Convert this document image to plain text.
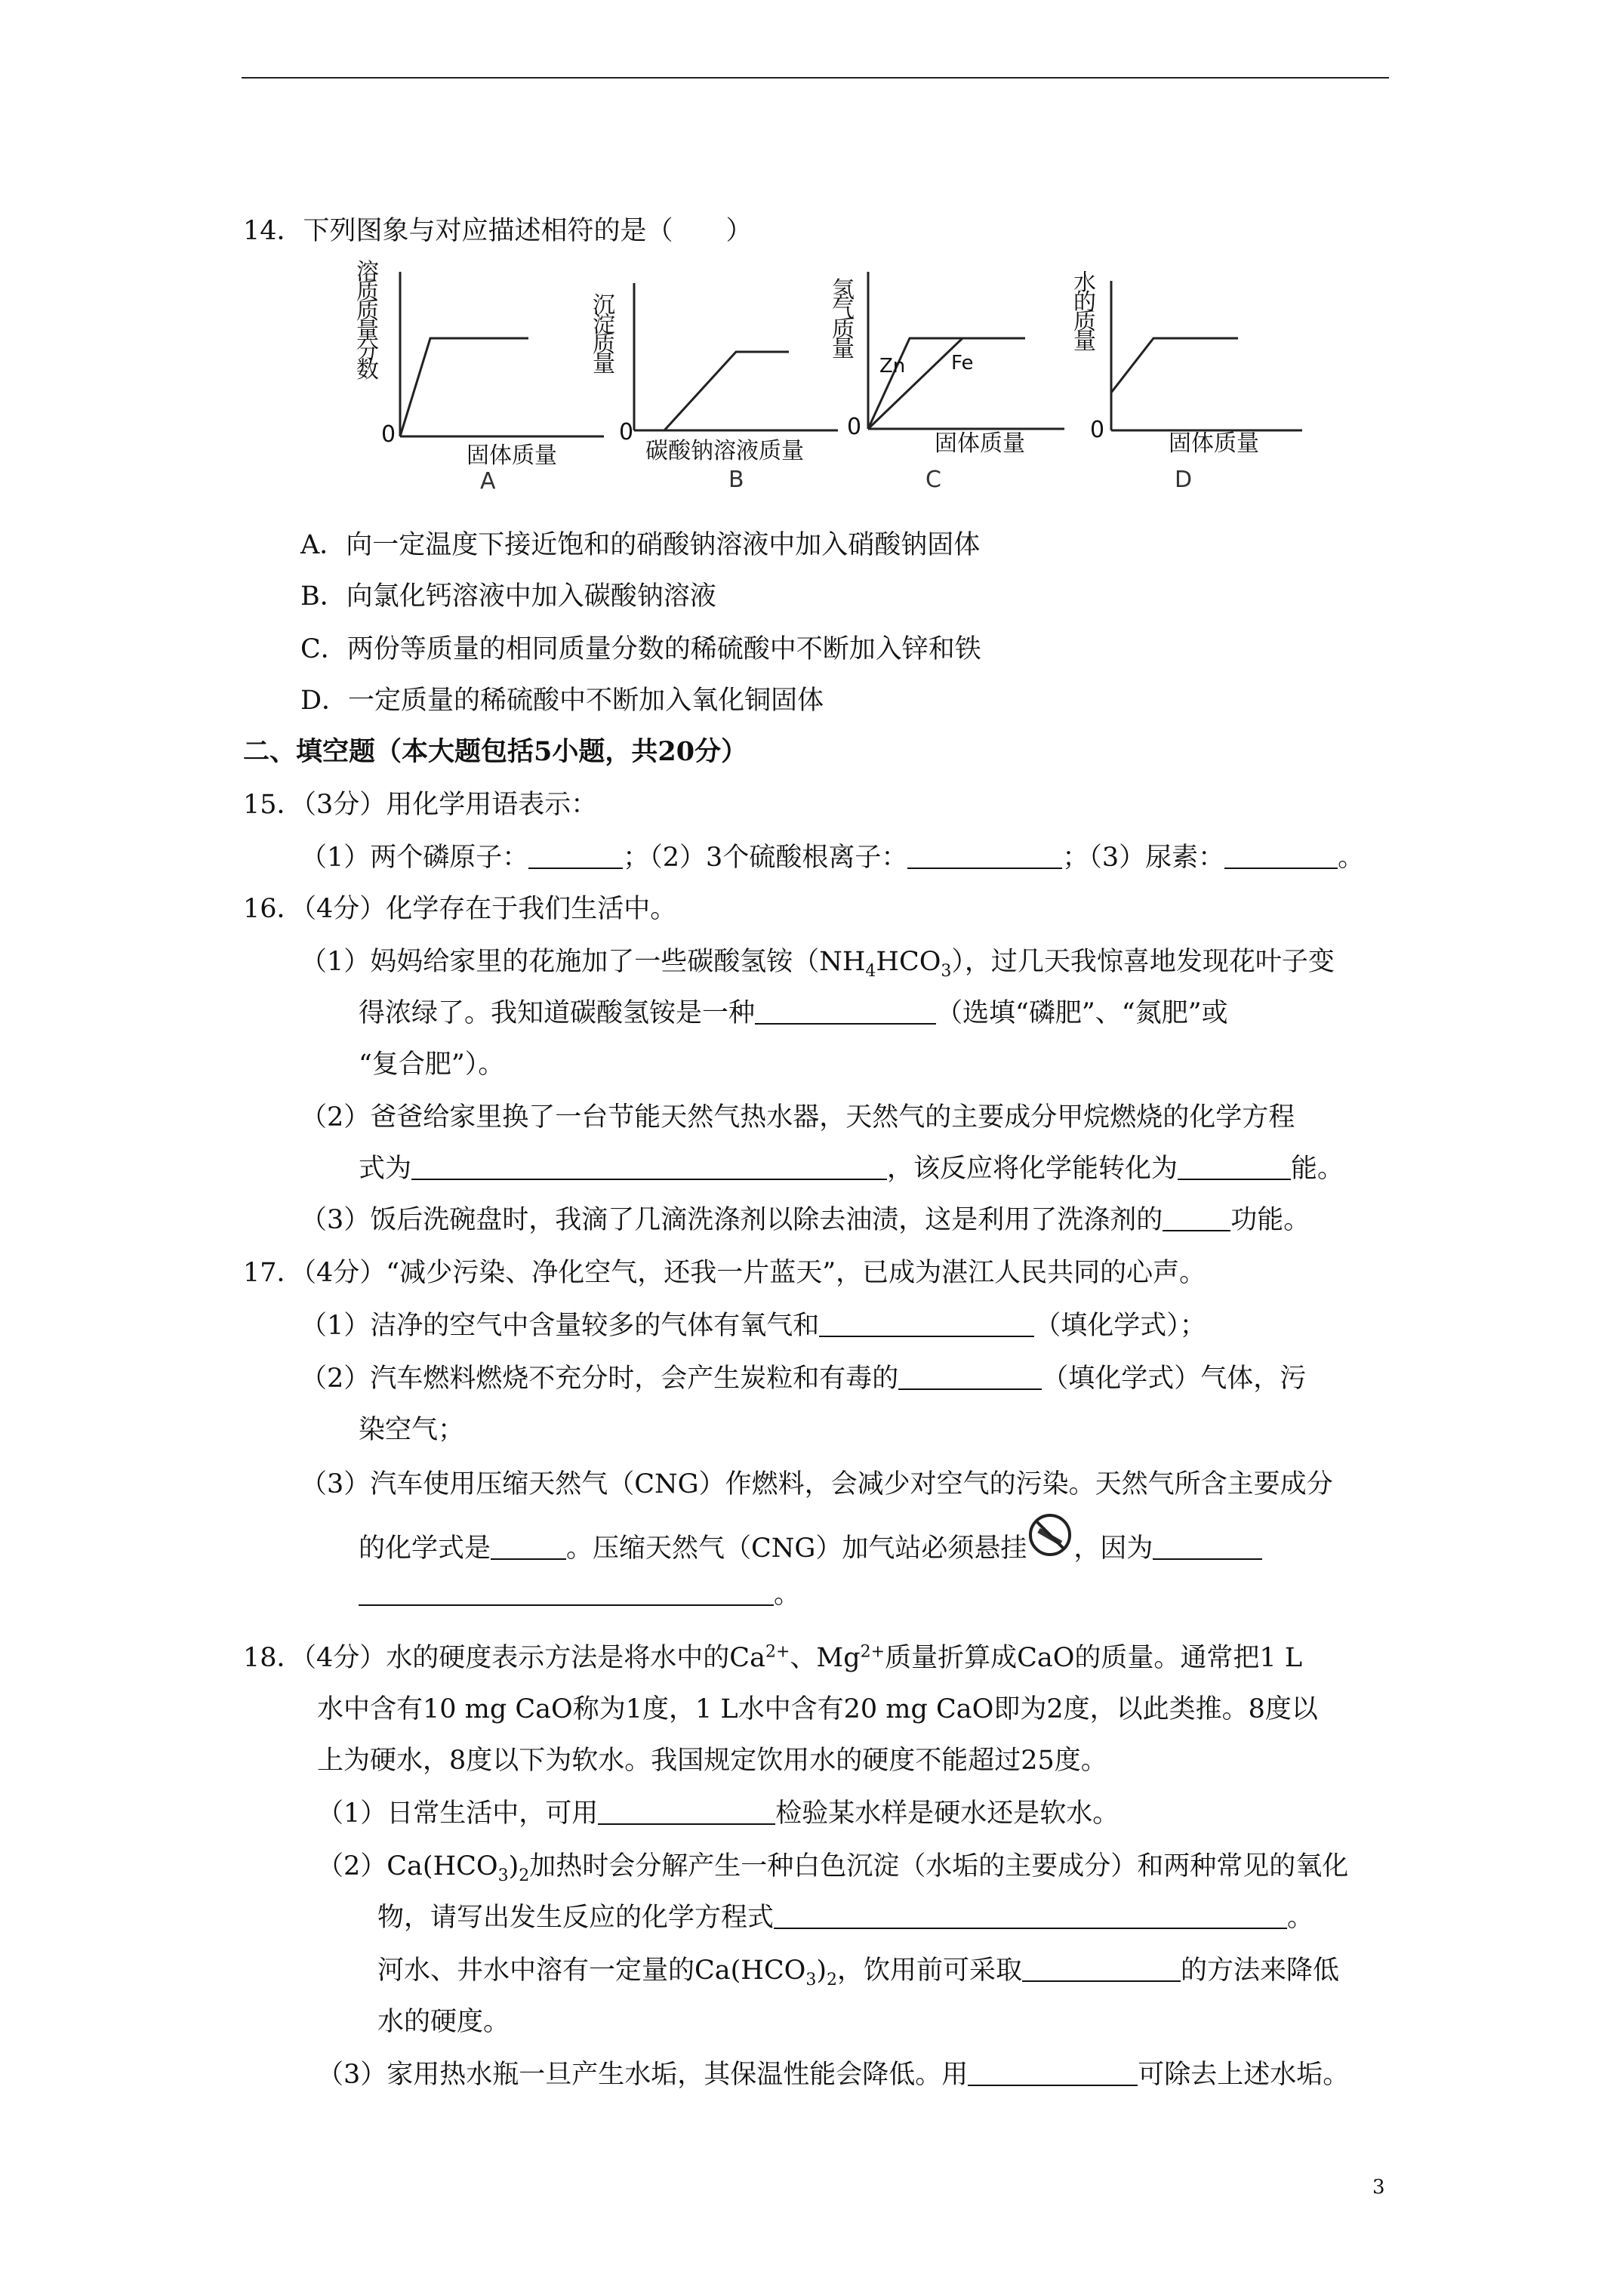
14．下列图象与对应描述相符的是（　　）
溶质质量分数
0
固体质量
A
沉淀质量
0
碳酸钠溶液质量
B
氢气质量
Zn Fe
0
固体质量
C
水的质量
0
固体质量
D
A．向一定温度下接近饱和的硝酸钠溶液中加入硝酸钠固体
B．向氯化钙溶液中加入碳酸钠溶液
C．两份等质量的相同质量分数的稀硫酸中不断加入锌和铁
D．一定质量的稀硫酸中不断加入氧化铜固体
二、填空题（本大题包括5小题，共20分）
15．（3分）用化学用语表示：
（1）两个磷原子：	；（2）3个硫酸根离子：	；（3）尿素：	。
16．（4分）化学存在于我们生活中。
（1）妈妈给家里的花施加了一些碳酸氢铵$(NH_4HCO_3)$，过几天我惊喜地发现花叶子变
得浓绿了。我知道碳酸氢铵是一种	（选填“磷肥”、“氮肥”或
“复合肥”）。
（2）爸爸给家里换了一台节能天然气热水器，天然气的主要成分甲烷燃烧的化学方程
式为	，该反应将化学能转化为	能。
（3）饭后洗碗盘时，我滴了几滴洗涤剂以除去油渍，这是利用了洗涤剂的	功能。
17．（4分）“减少污染、净化空气，还我一片蓝天”，已成为湛江人民共同的心声。
（1）洁净的空气中含量较多的气体有氧气和	（填化学式）；
（2）汽车燃料燃烧不充分时，会产生炭粒和有毒的	（填化学式）气体，污
染空气；
（3）汽车使用压缩天然气（CNG）作燃料，会减少对空气的污染。天然气所含主要成分
的化学式是	。压缩天然气（CNG）加气站必须悬挂 ，因为
。
18．（4分）水的硬度表示方法是将水中的$Ca^{2+}$、$Mg^{2+}$质量折算成CaO的质量。通常把1 L
水中含有10 mg CaO称为1度，1 L水中含有20 mg CaO即为2度，以此类推。8度以
上为硬水，8度以下为软水。我国规定饮用水的硬度不能超过25度。
（1）日常生活中，可用	检验某水样是硬水还是软水。
$(2)Ca(HCO_3)_2$加热时会分解产生一种白色沉淀（水垢的主要成分）和两种常见的氧化
物，请写出发生反应的化学方程式	。
河水、井水中溶有一定量的$Ca(HCO_3)_2$，饮用前可采取	的方法来降低
水的硬度。
（3）家用热水瓶一旦产生水垢，其保温性能会降低。用	可除去上述水垢。
3
